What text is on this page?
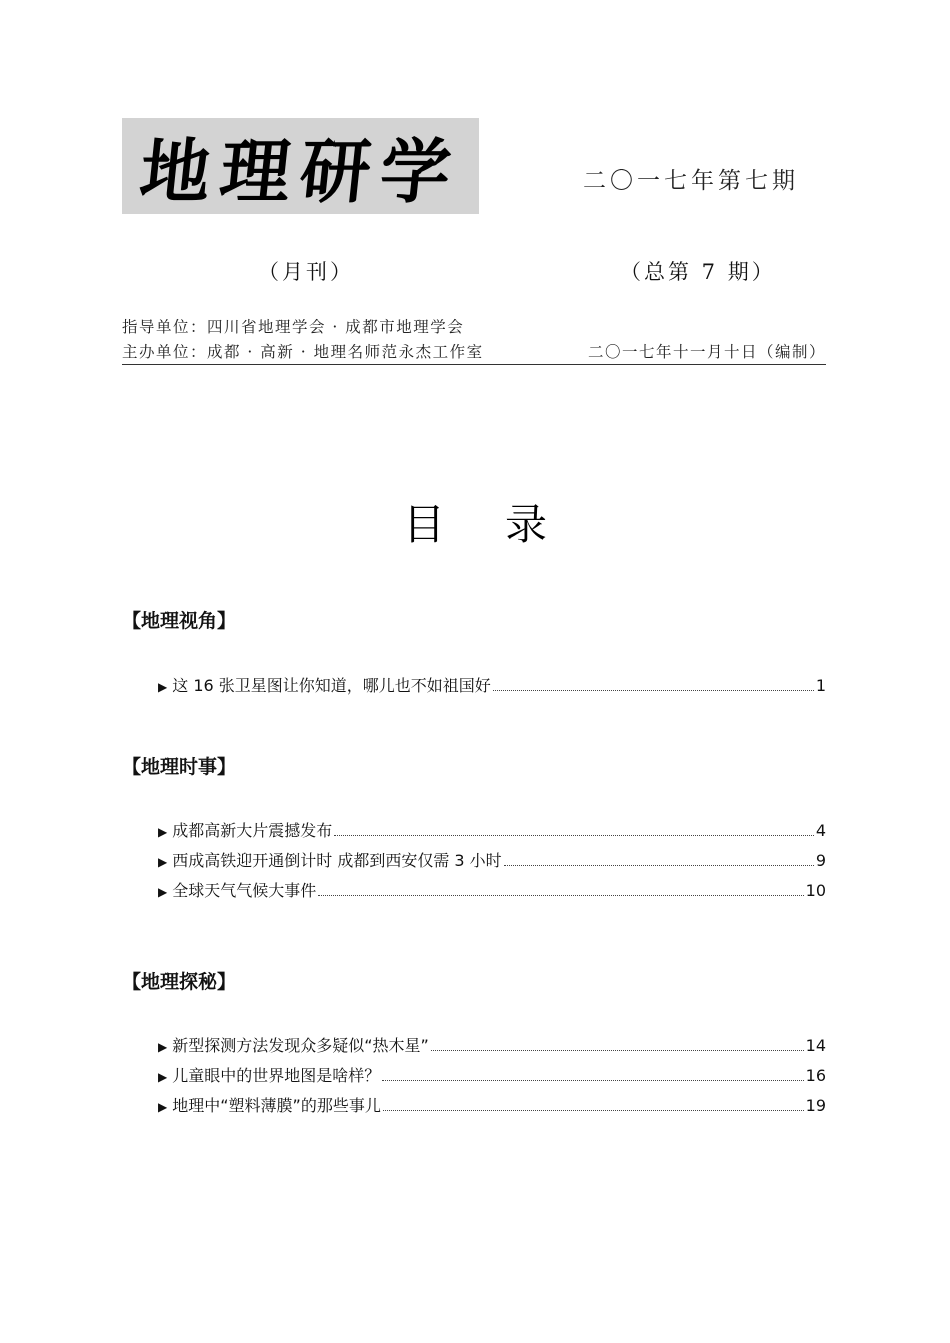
地理研学	二〇一七年第七期
（月刊）	（总第 7 期）
指导单位：四川省地理学会 · 成都市地理学会
主办单位：成都 · 高新 · 地理名师范永杰工作室	二〇一七年十一月十日（编制）
目录
【地理视角】
▶ 这 16 张卫星图让你知道，哪儿也不如祖国好	1
【地理时事】
▶ 成都高新大片震撼发布	4
▶ 西成高铁迎开通倒计时 成都到西安仅需 3 小时	9
▶ 全球天气气候大事件	10
【地理探秘】
▶ 新型探测方法发现众多疑似“热木星”	14
▶ 儿童眼中的世界地图是啥样？	16
▶ 地理中“塑料薄膜”的那些事儿	19
